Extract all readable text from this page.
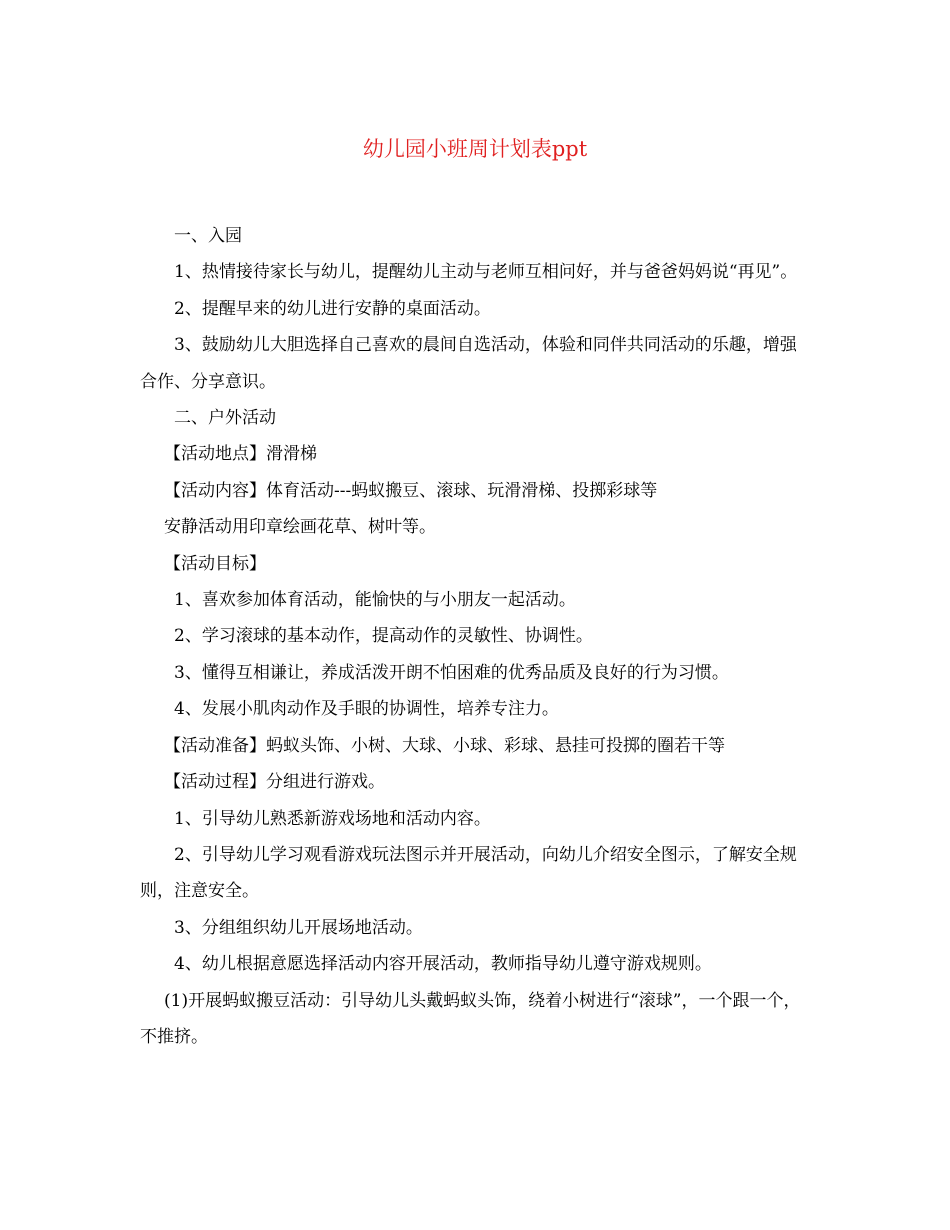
幼儿园小班周计划表ppt

一、入园

1、热情接待家长与幼儿，提醒幼儿主动与老师互相问好，并与爸爸妈妈说“再见”。

2、提醒早来的幼儿进行安静的桌面活动。

3、鼓励幼儿大胆选择自己喜欢的晨间自选活动，体验和同伴共同活动的乐趣，增强合作、分享意识。

二、户外活动

【活动地点】滑滑梯

【活动内容】体育活动---蚂蚁搬豆、滚球、玩滑滑梯、投掷彩球等

安静活动用印章绘画花草、树叶等。

【活动目标】

1、喜欢参加体育活动，能愉快的与小朋友一起活动。

2、学习滚球的基本动作，提高动作的灵敏性、协调性。

3、懂得互相谦让，养成活泼开朗不怕困难的优秀品质及良好的行为习惯。

4、发展小肌肉动作及手眼的协调性，培养专注力。

【活动准备】蚂蚁头饰、小树、大球、小球、彩球、悬挂可投掷的圈若干等

【活动过程】分组进行游戏。

1、引导幼儿熟悉新游戏场地和活动内容。

2、引导幼儿学习观看游戏玩法图示并开展活动，向幼儿介绍安全图示，了解安全规则，注意安全。

3、分组组织幼儿开展场地活动。

4、幼儿根据意愿选择活动内容开展活动，教师指导幼儿遵守游戏规则。

(1)开展蚂蚁搬豆活动：引导幼儿头戴蚂蚁头饰，绕着小树进行“滚球”，一个跟一个，不推挤。
